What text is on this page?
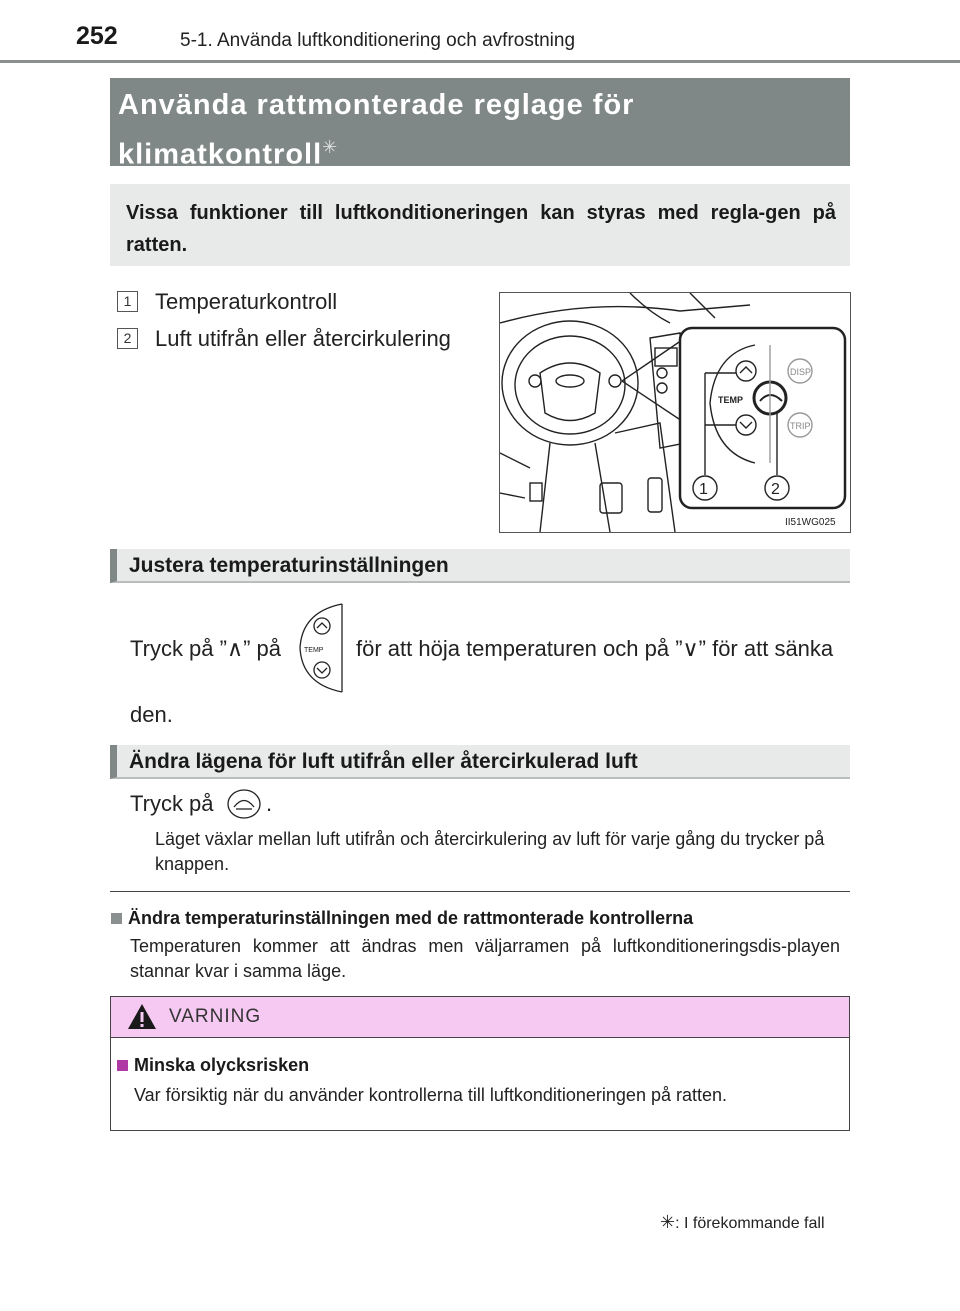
252	5-1. Använda luftkonditionering och avfrostning
Använda rattmonterade reglage för klimatkontroll✳
Vissa funktioner till luftkonditioneringen kan styras med regla-gen på ratten.
1	Temperaturkontroll
2	Luft utifrån eller återcirkulering
TEMP
DISP
TRIP
1	2
II51WG025
Justera temperaturinställningen
Tryck på ”∧” på	TEMP för att höja temperaturen och på ”∨” för att sänka
den.
Ändra lägena för luft utifrån eller återcirkulerad luft
Tryck på .
Läget växlar mellan luft utifrån och återcirkulering av luft för varje gång du trycker på knappen.
Ändra temperaturinställningen med de rattmonterade kontrollerna
Temperaturen kommer att ändras men väljarramen på luftkonditioneringsdis-playen stannar kvar i samma läge.
VARNING
Minska olycksrisken
Var försiktig när du använder kontrollerna till luftkonditioneringen på ratten.
✳: I förekommande fall
